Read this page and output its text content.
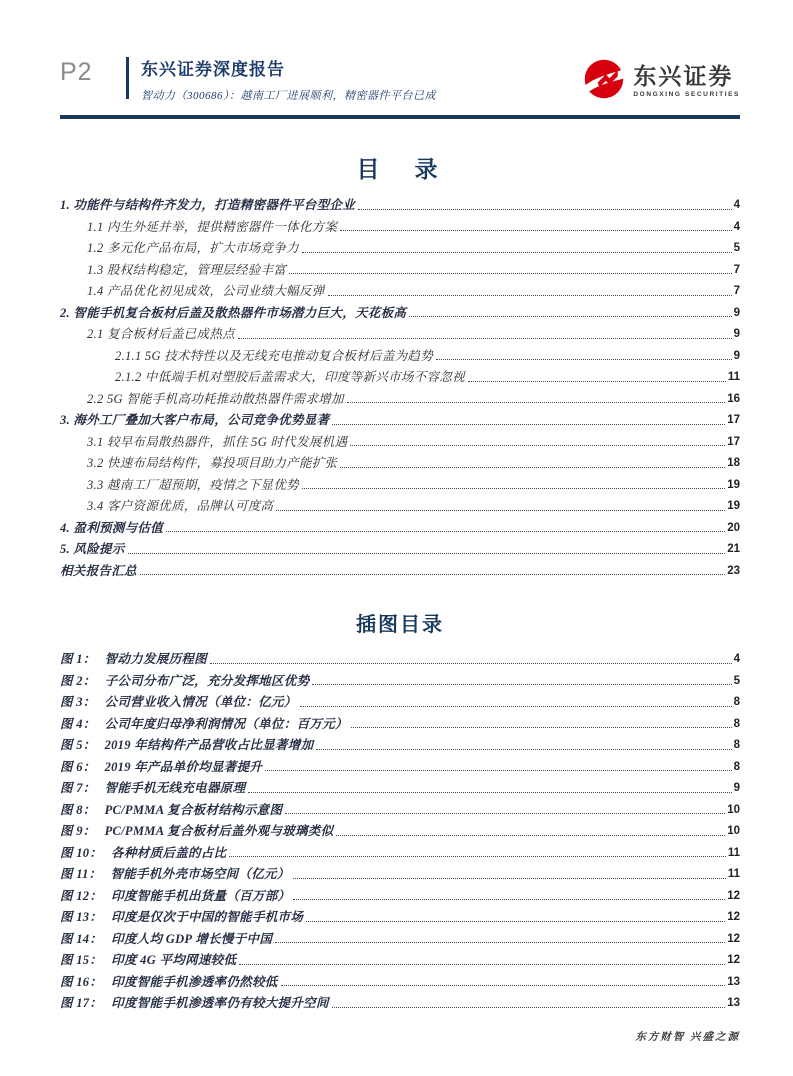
P2	东兴证券深度报告
智动力（300686）：越南工厂进展顺利，精密器件平台已成
东兴证券
DONGXING SECURITIES
目　录
1. 功能件与结构件齐发力，打造精密器件平台型企业	4
1.1 内生外延并举，提供精密器件一体化方案	4
1.2 多元化产品布局，扩大市场竞争力	5
1.3 股权结构稳定，管理层经验丰富	7
1.4 产品优化初见成效，公司业绩大幅反弹	7
2. 智能手机复合板材后盖及散热器件市场潜力巨大，天花板高	9
2.1 复合板材后盖已成热点	9
2.1.1 5G 技术特性以及无线充电推动复合板材后盖为趋势	9
2.1.2 中低端手机对塑胶后盖需求大，印度等新兴市场不容忽视	11
2.2 5G 智能手机高功耗推动散热器件需求增加	16
3. 海外工厂叠加大客户布局，公司竞争优势显著	17
3.1 较早布局散热器件，抓住 5G 时代发展机遇	17
3.2 快速布局结构件，募投项目助力产能扩张	18
3.3 越南工厂超预期，疫情之下显优势	19
3.4 客户资源优质，品牌认可度高	19
4. 盈利预测与估值	20
5. 风险提示	21
相关报告汇总	23
插图目录
图 1： 智动力发展历程图	4
图 2： 子公司分布广泛，充分发挥地区优势	5
图 3： 公司营业收入情况（单位：亿元）	8
图 4： 公司年度归母净利润情况（单位：百万元）	8
图 5： 2019 年结构件产品营收占比显著增加	8
图 6： 2019 年产品单价均显著提升	8
图 7： 智能手机无线充电器原理	9
图 8： PC/PMMA 复合板材结构示意图	10
图 9： PC/PMMA 复合板材后盖外观与玻璃类似	10
图 10： 各种材质后盖的占比	11
图 11： 智能手机外壳市场空间（亿元）	11
图 12： 印度智能手机出货量（百万部）	12
图 13： 印度是仅次于中国的智能手机市场	12
图 14： 印度人均 GDP 增长慢于中国	12
图 15： 印度 4G 平均网速较低	12
图 16： 印度智能手机渗透率仍然较低	13
图 17： 印度智能手机渗透率仍有较大提升空间	13
东方财智 兴盛之源
